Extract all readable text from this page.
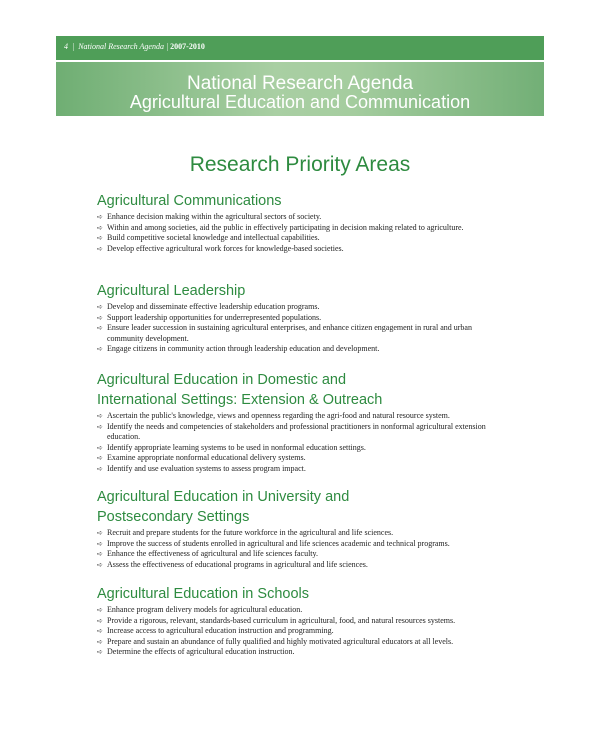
4  |  National Research Agenda | 2007-2010
National Research Agenda
Agricultural Education and Communication
Research Priority Areas
Agricultural Communications
➪ Enhance decision making within the agricultural sectors of society.
➪ Within and among societies, aid the public in effectively participating in decision making related to agriculture.
➪ Build competitive societal knowledge and intellectual capabilities.
➪ Develop effective agricultural work forces for knowledge-based societies.
Agricultural Leadership
➪ Develop and disseminate effective leadership education programs.
➪ Support leadership opportunities for underrepresented populations.
➪ Ensure leader succession in sustaining agricultural enterprises, and enhance citizen engagement in rural and urban community development.
➪ Engage citizens in community action through leadership education and development.
Agricultural Education in Domestic and
International Settings: Extension & Outreach
➪ Ascertain the public's knowledge, views and openness regarding the agri-food and natural resource system.
➪ Identify the needs and competencies of stakeholders and professional practitioners in nonformal agricultural extension education.
➪ Identify appropriate learning systems to be used in nonformal education settings.
➪ Examine appropriate nonformal educational delivery systems.
➪ Identify and use evaluation systems to assess program impact.
Agricultural Education in University and
Postsecondary Settings
➪ Recruit and prepare students for the future workforce in the agricultural and life sciences.
➪ Improve the success of students enrolled in agricultural and life sciences academic and technical programs.
➪ Enhance the effectiveness of agricultural and life sciences faculty.
➪ Assess the effectiveness of educational programs in agricultural and life sciences.
Agricultural Education in Schools
➪ Enhance program delivery models for agricultural education.
➪ Provide a rigorous, relevant, standards-based curriculum in agricultural, food, and natural resources systems.
➪ Increase access to agricultural education instruction and programming.
➪ Prepare and sustain an abundance of fully qualified and highly motivated agricultural educators at all levels.
➪ Determine the effects of agricultural education instruction.
